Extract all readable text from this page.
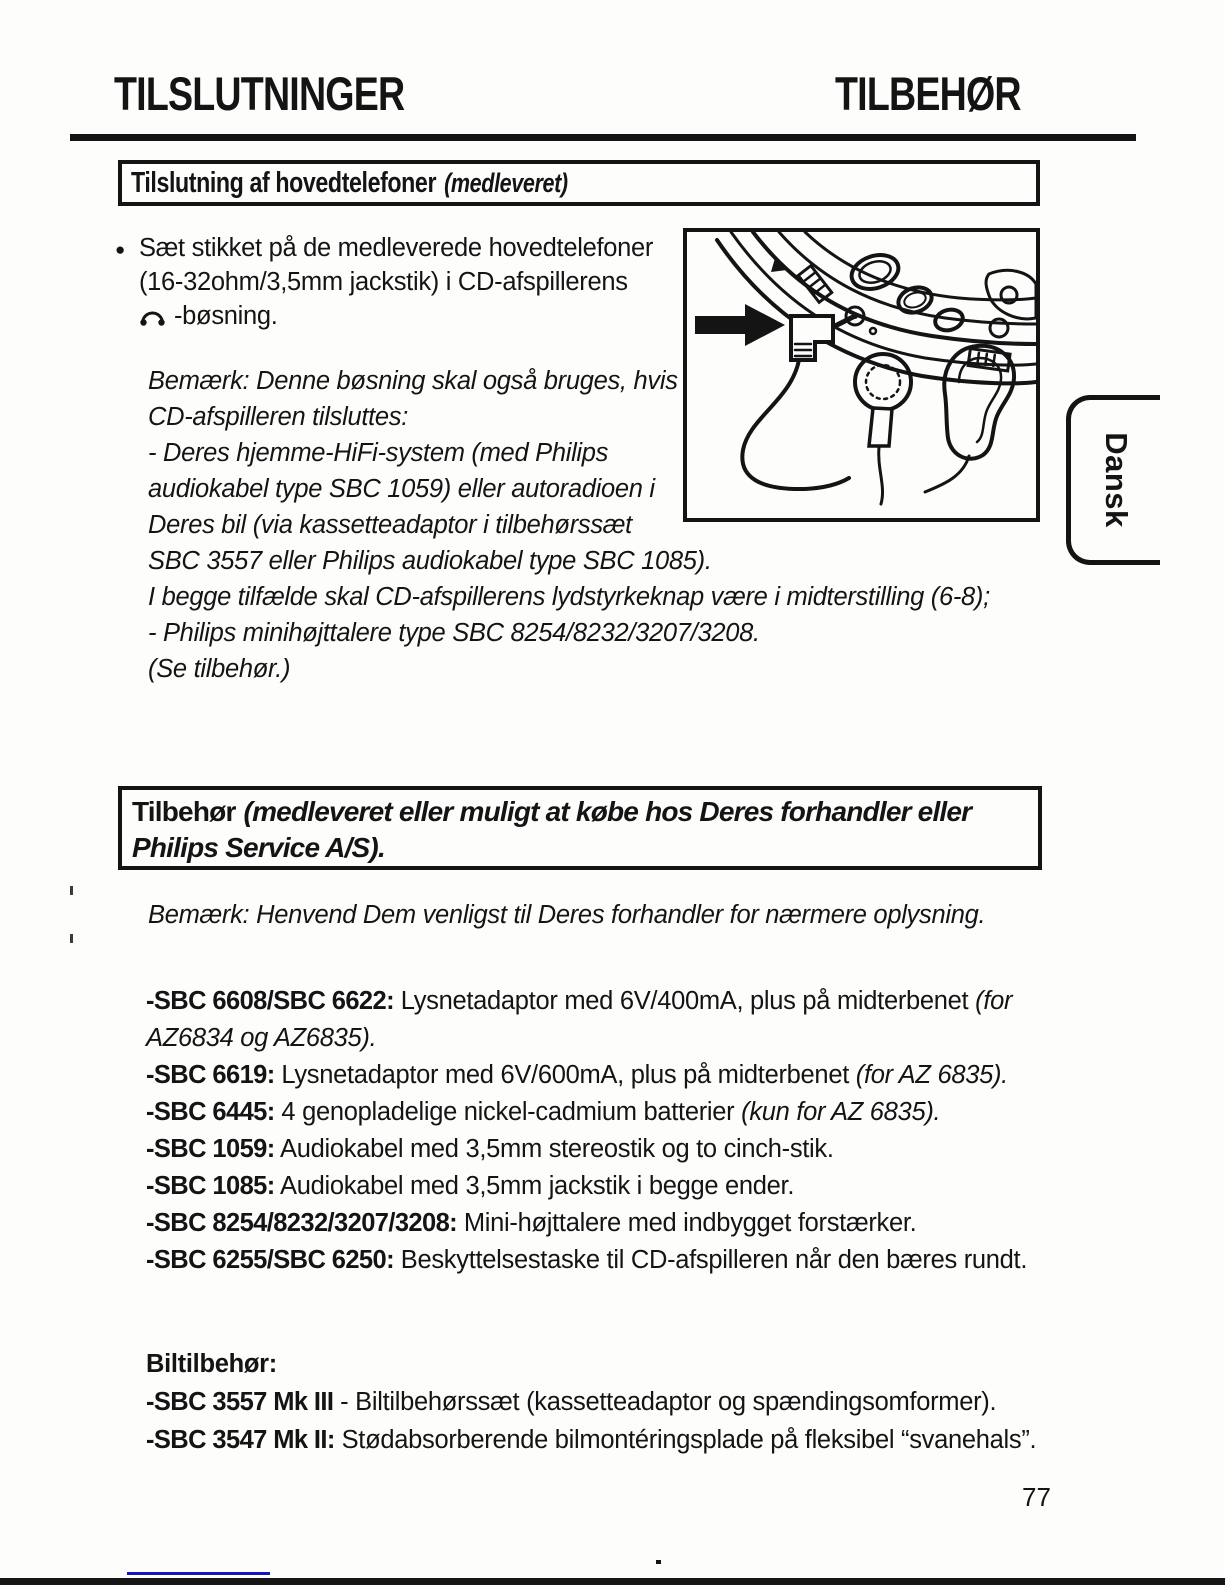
TILSLUTNINGER	TILBEHØR
Tilslutning af hovedtelefoner (medleveret)
● Sæt stikket på de medleverede hovedtelefoner
(16-32ohm/3,5mm jackstik) i CD-afspillerens
-bøsning.
Dansk
Bemærk: Denne bøsning skal også bruges, hvis
CD-afspilleren tilsluttes:
- Deres hjemme-HiFi-system (med Philips
audiokabel type SBC 1059) eller autoradioen i
Deres bil (via kassetteadaptor i tilbehørssæt
SBC 3557 eller Philips audiokabel type SBC 1085).
I begge tilfælde skal CD-afspillerens lydstyrkeknap være i midterstilling (6-8);
- Philips minihøjttalere type SBC 8254/8232/3207/3208.
(Se tilbehør.)
Tilbehør (medleveret eller muligt at købe hos Deres forhandler eller
Philips Service A/S).
Bemærk: Henvend Dem venligst til Deres forhandler for nærmere oplysning.
-SBC 6608/SBC 6622: Lysnetadaptor med 6V/400mA, plus på midterbenet (for AZ6834 og AZ6835).
-SBC 6619: Lysnetadaptor med 6V/600mA, plus på midterbenet (for AZ 6835).
-SBC 6445: 4 genopladelige nickel-cadmium batterier (kun for AZ 6835).
-SBC 1059: Audiokabel med 3,5mm stereostik og to cinch-stik.
-SBC 1085: Audiokabel med 3,5mm jackstik i begge ender.
-SBC 8254/8232/3207/3208: Mini-højttalere med indbygget forstærker.
-SBC 6255/SBC 6250: Beskyttelsestaske til CD-afspilleren når den bæres rundt.
Biltilbehør:
-SBC 3557 Mk III - Biltilbehørssæt (kassetteadaptor og spændingsomformer).
-SBC 3547 Mk II: Stødabsorberende bilmontéringsplade på fleksibel “svanehals”.
77
